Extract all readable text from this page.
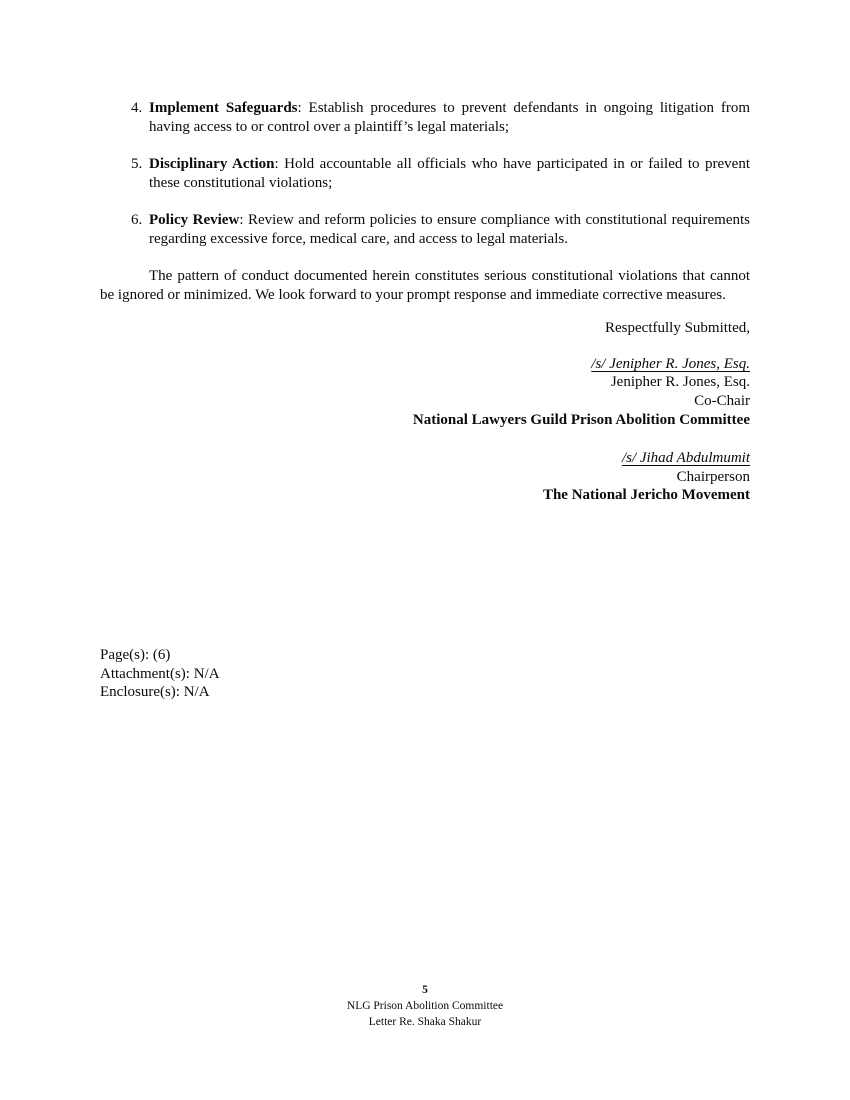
4. Implement Safeguards: Establish procedures to prevent defendants in ongoing litigation from having access to or control over a plaintiff’s legal materials;
5. Disciplinary Action: Hold accountable all officials who have participated in or failed to prevent these constitutional violations;
6. Policy Review: Review and reform policies to ensure compliance with constitutional requirements regarding excessive force, medical care, and access to legal materials.

The pattern of conduct documented herein constitutes serious constitutional violations that cannot be ignored or minimized. We look forward to your prompt response and immediate corrective measures.

Respectfully Submitted,

/s/ Jenipher R. Jones, Esq.
Jenipher R. Jones, Esq.
Co-Chair
National Lawyers Guild Prison Abolition Committee
/s/ Jihad Abdulmumit
Chairperson
The National Jericho Movement
Page(s): (6)
Attachment(s): N/A
Enclosure(s): N/A
5
NLG Prison Abolition Committee
Letter Re. Shaka Shakur
